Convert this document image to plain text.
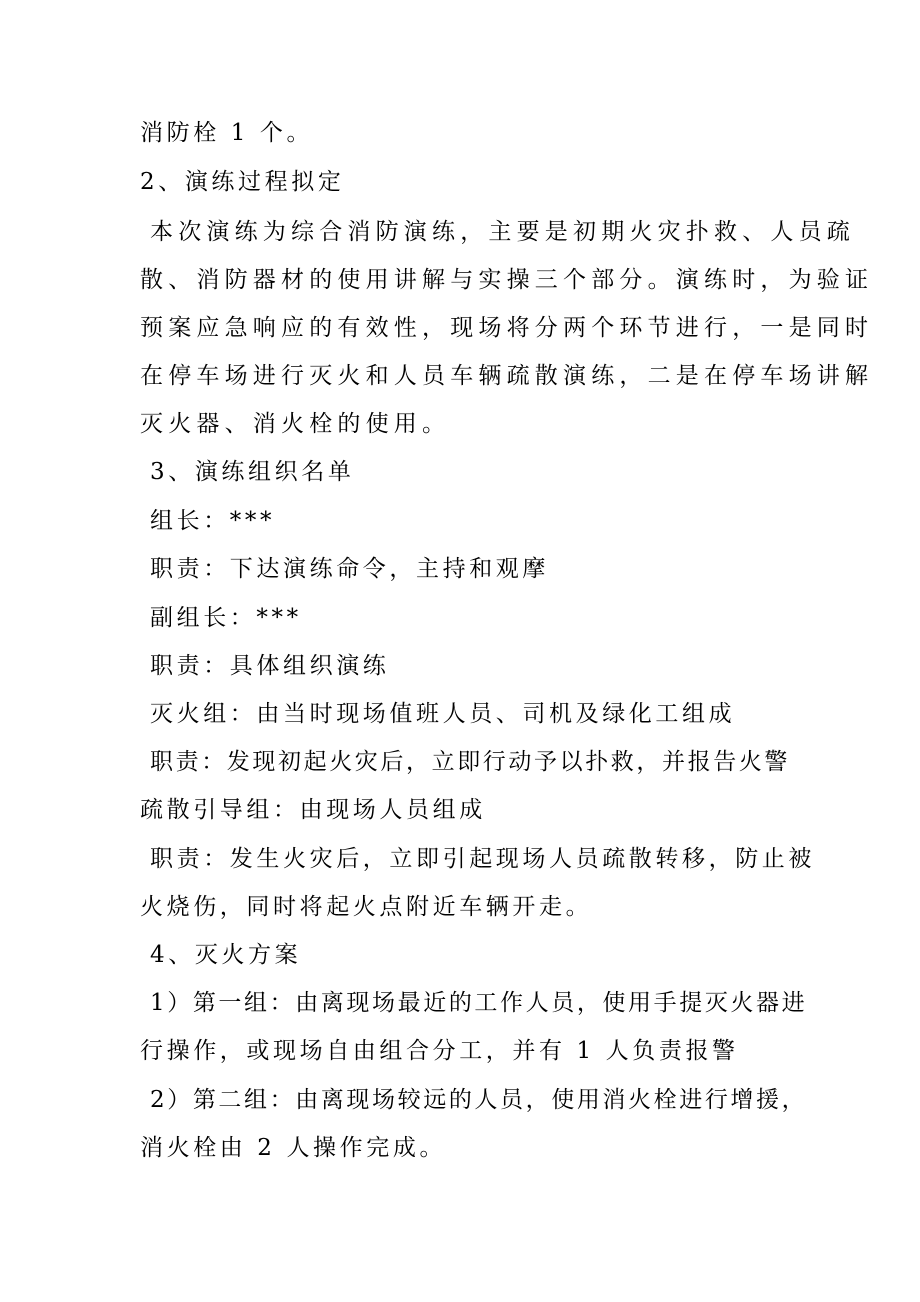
消防栓 1 个。
2、演练过程拟定
本次演练为综合消防演练，主要是初期火灾扑救、人员疏
散、消防器材的使用讲解与实操三个部分。演练时，为验证
预案应急响应的有效性，现场将分两个环节进行，一是同时
在停车场进行灭火和人员车辆疏散演练，二是在停车场讲解
灭火器、消火栓的使用。
3、演练组织名单
组长：***
职责：下达演练命令，主持和观摩
副组长：***
职责：具体组织演练
灭火组：由当时现场值班人员、司机及绿化工组成
职责：发现初起火灾后，立即行动予以扑救，并报告火警
疏散引导组：由现场人员组成
职责：发生火灾后，立即引起现场人员疏散转移，防止被
火烧伤，同时将起火点附近车辆开走。
4、灭火方案
1）第一组：由离现场最近的工作人员，使用手提灭火器进
行操作，或现场自由组合分工，并有 1 人负责报警
2）第二组：由离现场较远的人员，使用消火栓进行增援，
消火栓由 2 人操作完成。
